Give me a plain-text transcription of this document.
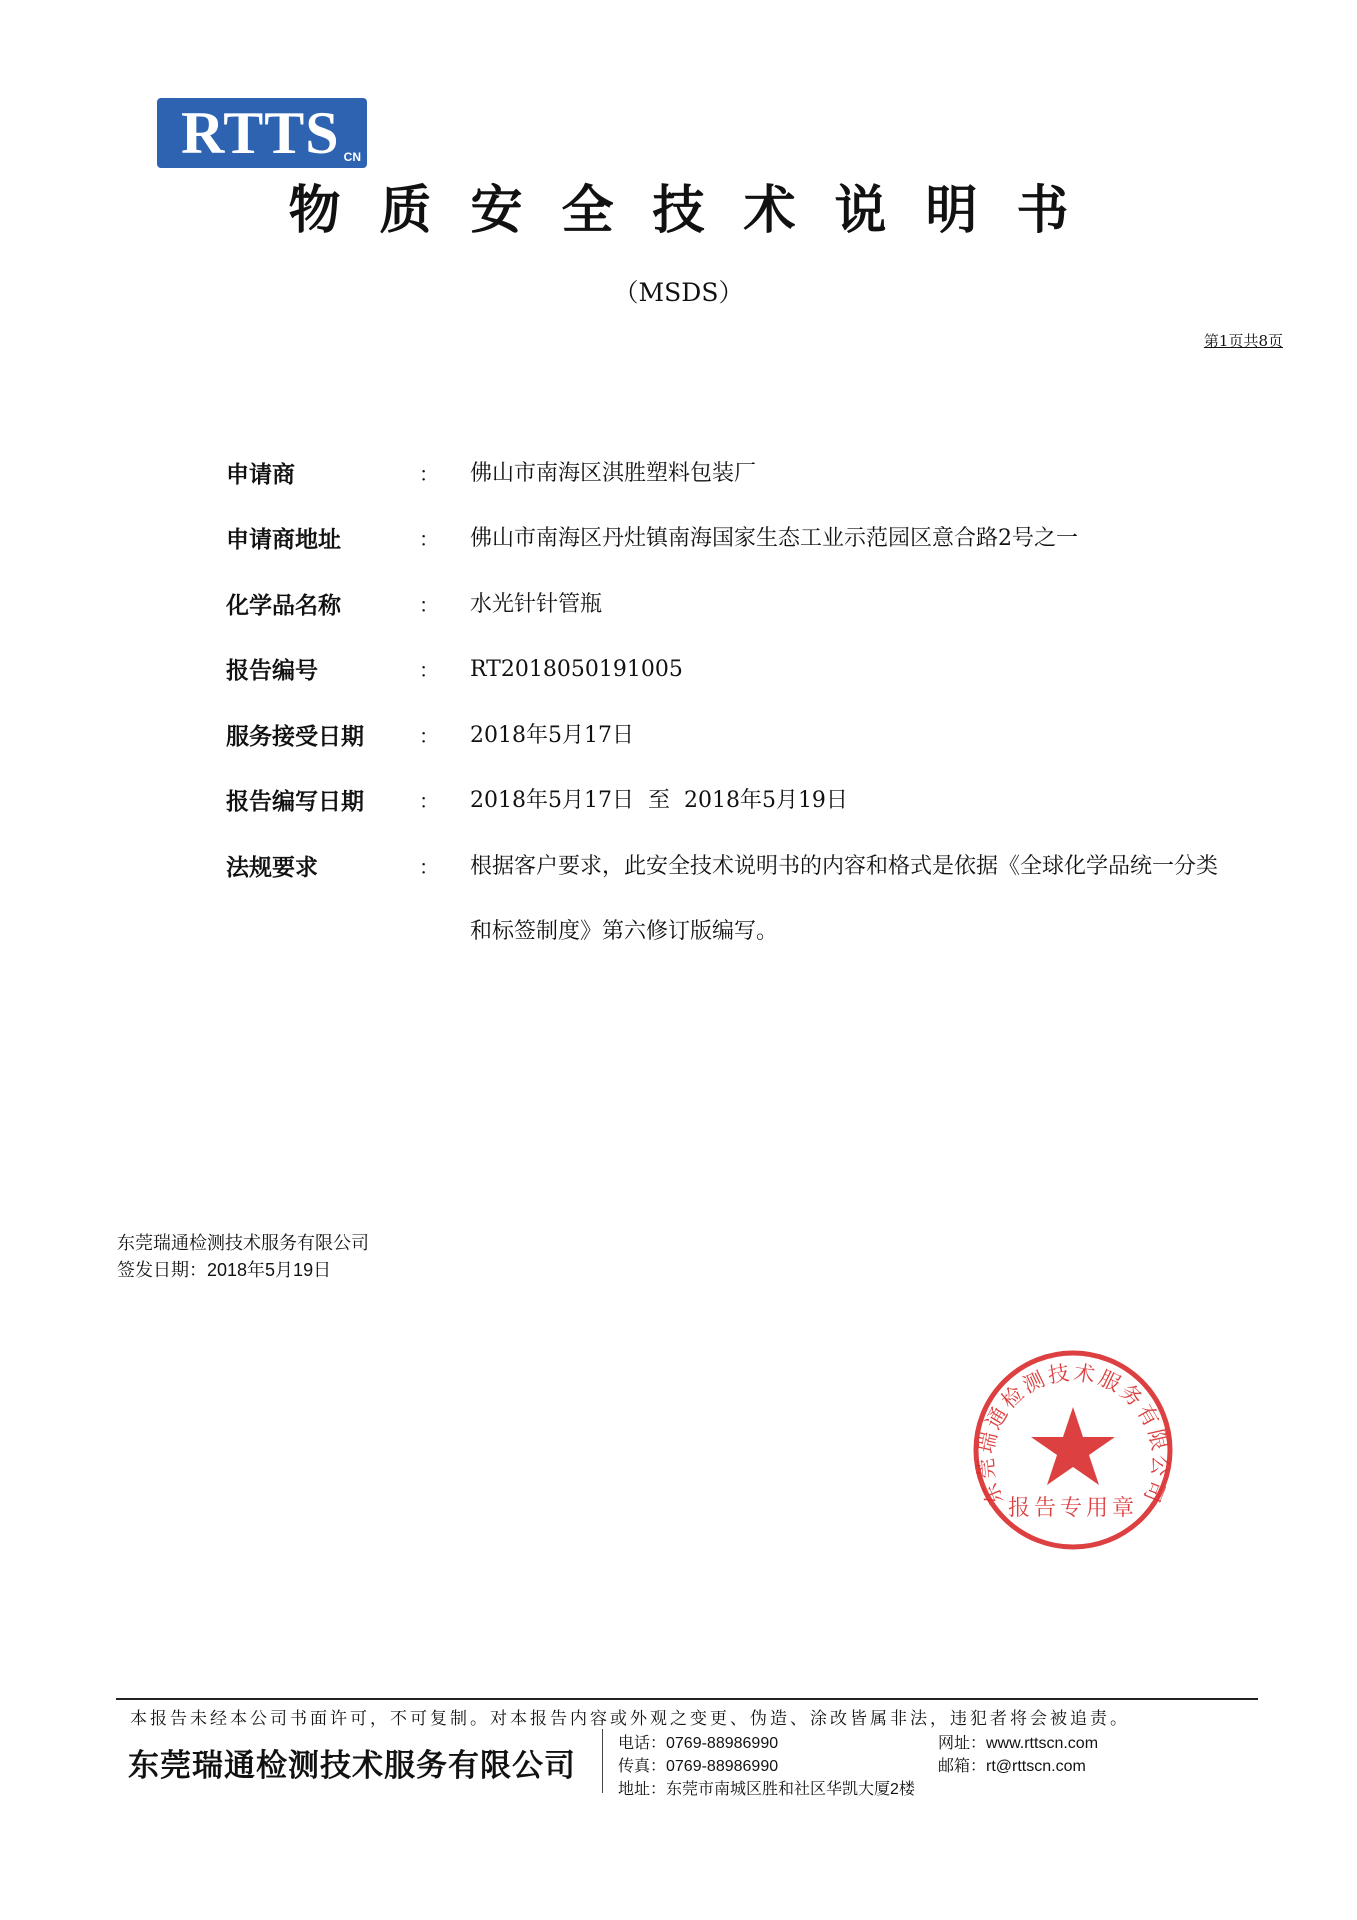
RTTS CN
物质安全技术说明书
（MSDS）
第1页共8页
申请商	： 佛山市南海区淇胜塑料包装厂
申请商地址	： 佛山市南海区丹灶镇南海国家生态工业示范园区意合路2号之一
化学品名称	： 水光针针管瓶
报告编号	： RT2018050191005
服务接受日期	： 2018年5月17日
报告编写日期	： 2018年5月17日  至  2018年5月19日
法规要求	： 根据客户要求，此安全技术说明书的内容和格式是依据《全球化学品统一分类和标签制度》第六修订版编写。
东莞瑞通检测技术服务有限公司
签发日期：2018年5月19日
东莞瑞通检测技术服务有限公司
报告专用章
本报告未经本公司书面许可，不可复制。对本报告内容或外观之变更、伪造、涂改皆属非法，违犯者将会被追责。
东莞瑞通检测技术服务有限公司
电话：0769-88986990
传真：0769-88986990
地址：东莞市南城区胜和社区华凯大厦2楼
网址：www.rttscn.com
邮箱：rt@rttscn.com
